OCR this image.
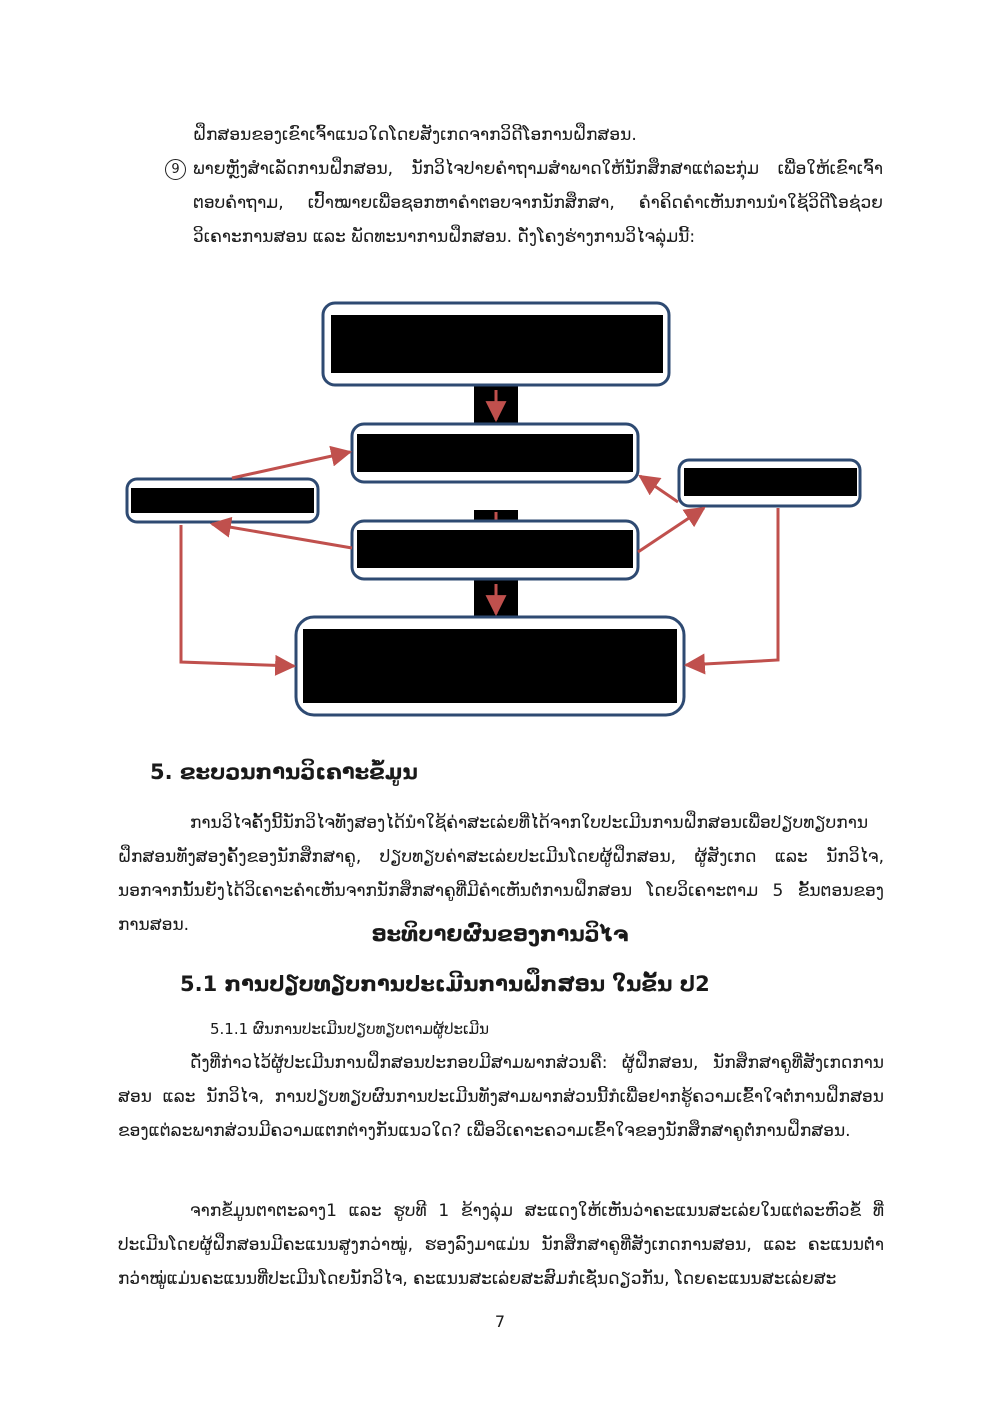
ຝຶກສອນຂອງເຂົາເຈົ້າແນວໃດໂດຍສັງເກດຈາກວິດີໂອການຝຶກສອນ.

9 ພາຍຫຼັງສຳເລັດການຝຶກສອນ, ນັກວິໄຈປາຍຄຳຖາມສຳພາດໃຫ້ນັກສຶກສາແຕ່ລະກຸ່ມ ເພື່ອໃຫ້ເຂົາເຈົ້າຕອບຄຳຖາມ, ເປົ້າໝາຍເພື່ອຊອກຫາຄຳຕອບຈາກນັກສຶກສາ, ຄຳຄິດຄຳເຫັນການນຳໃຊ້ວິດີໂອຊ່ວຍວິເຄາະການສອນ ແລະ ພັດທະນາການຝຶກສອນ. ດັ່ງໂຄງຮ່າງການວິໄຈລຸ່ມນີ້:

5. ຂະບວນການວິເຄາະຂໍ້ມູນ

ການວິໄຈຄັ້ງນີ້ນັກວິໄຈທັງສອງໄດ້ນຳໃຊ້ຄ່າສະເລ່ຍທີ່ໄດ້ຈາກໃບປະເມີນການຝຶກສອນເພື່ອປຽບທຽບການຝຶກສອນທັງສອງຄັ້ງຂອງນັກສຶກສາຄູ, ປຽບທຽບຄ່າສະເລ່ຍປະເມີນໂດຍຜູ້ຝຶກສອນ, ຜູ້ສັງເກດ ແລະ ນັກວິໄຈ, ນອກຈາກນັ້ນຍັງໄດ້ວິເຄາະຄຳເຫັນຈາກນັກສຶກສາຄູທີ່ມີຄຳເຫັນຕໍ່ການຝຶກສອນ ໂດຍວິເຄາະຕາມ 5 ຂັ້ນຕອນຂອງການສອນ.	ອະທິບາຍຜົນຂອງການວິໄຈ
5.1 ການປຽບທຽບການປະເມີນການຝຶກສອນ ໃນຂັ້ນ ປ2

5.1.1 ຜົນການປະເມີນປຽບທຽບຕາມຜູ້ປະເມີນ

ດັ່ງທີ່ກ່າວໄວ້ຜູ້ປະເມີນການຝຶກສອນປະກອບມີສາມພາກສ່ວນຄື: ຜູ້ຝຶກສອນ, ນັກສຶກສາຄູທີ່ສັງເກດການສອນ ແລະ ນັກວິໄຈ, ການປຽບທຽບຜົນການປະເມີນທັງສາມພາກສ່ວນນີ້ກໍເພື່ອຢາກຮູ້ຄວາມເຂົ້າໃຈຕໍ່ການຝຶກສອນຂອງແຕ່ລະພາກສ່ວນມີຄວາມແຕກຕ່າງກັນແນວໃດ? ເພື່ອວິເຄາະຄວາມເຂົ້າໃຈຂອງນັກສຶກສາຄູຕໍ່ການຝຶກສອນ.

ຈາກຂໍ້ມູນຕາຕະລາງ1 ແລະ ຮູບທີ 1 ຂ້າງລຸ່ມ ສະແດງໃຫ້ເຫັນວ່າຄະແນນສະເລ່ຍໃນແຕ່ລະຫົວຂໍ້ ທີ່ປະເມີນໂດຍຜູ້ຝຶກສອນມີຄະແນນສູງກວ່າໝູ່, ຮອງລົງມາແມ່ນ ນັກສຶກສາຄູທີ່ສັງເກດການສອນ, ແລະ ຄະແນນຕ່ຳກວ່າໝູ່ແມ່ນຄະແນນທີ່ປະເມີນໂດຍນັກວິໄຈ, ຄະແນນສະເລ່ຍສະສົມກໍເຊັ່ນດຽວກັນ, ໂດຍຄະແນນສະເລ່ຍສະ

7
